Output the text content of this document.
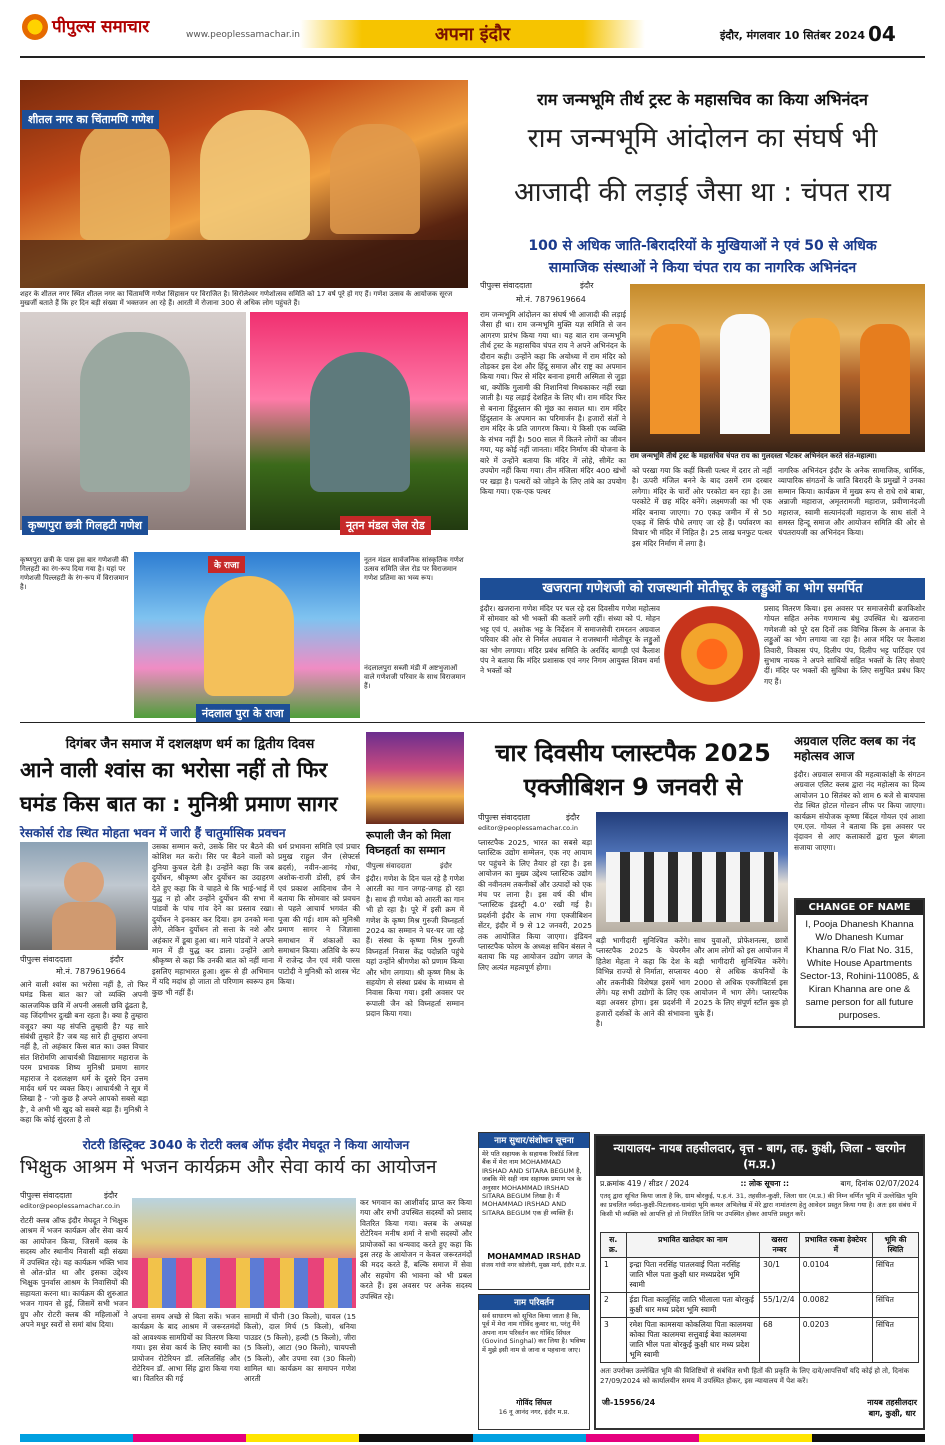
पीपुल्स समाचार	www.peoplessamachar.in	अपना इंदौर	इंदौर, मंगलवार 10 सितंबर 2024 04
शीतल नगर का चिंतामणि गणेश
शहर के शीतल नगर स्थित शीतल नगर का चिंतामणि गणेश सिंहासन पर विराजित है। सिरोलेश्वर गणेशोत्सव समिति को 17 वर्ष पूरे हो गए हैं। गणेश उत्सव के आयोजक सूरज मुखर्जी बताते हैं कि हर दिन बड़ी संख्या में भक्तजन आ रहे हैं। आरती में रोजाना 300 से अधिक लोग पहुंचते हैं।
कृष्णपुरा छत्री गिलहटी गणेश	नूतन मंडल जेल रोड
कृष्णपुरा छत्री के पास इस बार गणेशजी की गिलहटी का रंग-रूप दिया गया है। यहां पर गणेशजी पिल्लहटी के रंग-रूप में विराजमान है।
के राजा
नंदलाल पुरा के राजा
नूतन मंडल सार्वजनिक सांस्कृतिक गणेश उत्सव समिति जेल रोड पर विराजमान गणेश प्रतिमा का भव्य रूप।
नंदलालपुरा सब्जी मंडी में अष्टभुजाओं वाले गणेशजी परिवार के साथ विराजमान हैं।
राम जन्मभूमि तीर्थ ट्रस्ट के महासचिव का किया अभिनंदन
राम जन्मभूमि आंदोलन का संघर्ष भी
आजादी की लड़ाई जैसा था : चंपत राय
100 से अधिक जाति-बिरादरियों के मुखियाओं ने एवं 50 से अधिक
सामाजिक संस्थाओं ने किया चंपत राय का नागरिक अभिनंदन
पीपुल्स संवाददाता	इंदौर
मो.नं. 7879619664
राम जन्मभूमि तीर्थ ट्रस्ट के महासचिव चंपत राय का गुलदस्ता भेंटकर अभिनंदन करते संत-महात्मा।
राम जन्मभूमि आंदोलन का संघर्ष भी आजादी की लड़ाई जैसा ही था। राम जन्मभूमि मुक्ति यज्ञ समिति से जन आगरण प्रारंभ किया गया था। यह बात राम जन्मभूमि तीर्थ ट्रस्ट के महासचिव चंपत राय ने अपने अभिनंदन के दौरान कही। उन्होंने कहा कि अयोध्या में राम मंदिर को तोड़कर इस देश और हिंदू समाज और राष्ट्र का अपमान किया गया। फिर से मंदिर बनाना हमारी अस्मिता से जुड़ा था, क्योंकि गुलामी की निशानियां मिथकाकर नहीं रखा जाती है। यह लड़ाई देशहित के लिए थी। राम मंदिर फिर से बनाना हिंदुस्तान की मूंछ का सवाल था। राम मंदिर हिंदुस्तान के अपमान का परिमार्जन है। हजारों संतों ने राम मंदिर के प्रति जागरण किया। ये किसी एक व्यक्ति के संभव नहीं है। 500 साल में कितने लोगों का जीवन गया, यह कोई नहीं जानता। मंदिर निर्माण की योजना के बारे में उन्होंने बताया कि मंदिर में लोहे, सीमेंट का उपयोग नहीं किया गया। तीन मंजिला मंदिर 400 खंभों पर खड़ा है। पत्थरों को जोड़ने के लिए तांबे का उपयोग किया गया। एक-एक पत्थर
को परखा गया कि कहीं किसी पत्थर में दरार तो नहीं है। ऊपरी मंजिल बनने के बाद उसमें राम दरबार लगेगा। मंदिर के चारों ओर परकोटा बन रहा है। उस परकोटे में छह मंदिर बनेंगे। लक्ष्मणजी का भी एक मंदिर बनाया जाएगा। 70 एकड़ जमीन में से 50 एकड़ में सिर्फ पौधे लगाए जा रहे हैं। पर्यावरण का विचार भी मंदिर में निहित है। 25 लाख घनफुट पत्थर इस मंदिर निर्माण में लगा है।
नागरिक अभिनंदन इंदौर के अनेक सामाजिक, धार्मिक, व्यापारिक संगठनों के जाति बिरादरी के प्रमुखों ने उनका सम्मान किया। कार्यक्रम में मुख्य रूप से राधे राधे बाबा, अन्नाजी महाराज, अमृतरामजी महाराज, प्रवीणानंदजी महाराज, स्वामी सत्यानंदजी महाराज के साथ संतों ने समस्त हिन्दू समाज और आयोजन समिति की ओर से चंपतरायजी का अभिनंदन किया।
खजराना गणेशजी को राजस्थानी मोतीचूर के लड्डुओं का भोग समर्पित
इंदौर। खजराना गणेश मंदिर पर चल रहे दस दिवसीय गणेश महोत्सव में सोमवार को भी भक्तों की कतारें लगी रहीं। संध्या को पं. मोहन भट्ट एवं पं. अशोक भट्ट के निर्देशन में समाजसेवी रामरतन अग्रवाल परिवार की ओर से निर्मल अग्रवाल ने राजस्थानी मोतीचूर के लड्डुओं का भोग लगाया। मंदिर प्रबंध समिति के अरविंद बागड़ी एवं कैलाश पंप ने बताया कि मंदिर प्रशासक एवं नगर निगम आयुक्त शिवम वर्मा ने भक्तों को
प्रसाद वितरण किया। इस अवसर पर समाजसेवी ब्रजकिशोर गोयल सहित अनेक गणमान्य बंधु उपस्थित थे। खजराना गणेशजी को पूरे दस दिनों तक विभिन्न किस्म के अनाज के लड्डुओं का भोग लगाया जा रहा है। आज मंदिर पर कैलाश तिवारी, विकास पंप, दिलीप पंप, दिलीप भट्ट पार्टिदार एवं सुभाष नायक ने अपने साथियों सहित भक्तों के लिए सेवाएं दीं। मंदिर पर भक्तों की सुविधा के लिए समुचित प्रबंध किए गए हैं।
दिगंबर जैन समाज में दशलक्षण धर्म का द्वितीय दिवस
आने वाली श्वांस का भरोसा नहीं तो फिर
घमंड किस बात का : मुनिश्री प्रमाण सागर
रेसकोर्स रोड स्थित मोहता भवन में जारी हैं चातुर्मासिक प्रवचन
पीपुल्स संवाददाता	इंदौर
मो.नं. 7879619664
आने वाली श्वांस का भरोसा नहीं है, तो फिर घमंड किस बात का? जो व्यक्ति अपनी कालजयिक छवि में अपनी असली छवि ढूंढता है, वह जिंदगीभर दुःखी बना रहता है। क्या है तुम्हारा वजूद? क्या यह संपत्ति तुम्हारी है? यह सारे संबंधी तुम्हारे हैं? जब यह सारे ही तुम्हारा अपना नहीं है, तो अहंकार किस बात का। उक्त विचार संत शिरोमणि आचार्यश्री विद्यासागर महाराज के परम प्रभावक शिष्य मुनिश्री प्रमाण सागर महाराज ने दशलक्षण धर्म के दूसरे दिन उत्तम मार्दव धर्म पर व्यक्त किए। आचार्यश्री ने सूत्र में लिखा है - 'जो कुछ है अपने आपको सबसे बड़ा है', वे अभी भी खुद को सबसे बड़ा हैं। मुनिश्री ने कहा कि कोई सुंदरता है तो
उसका सम्मान करो, उसके सिर पर बैठने की कोशिश मत करो। सिर पर बैठने वालों को दुनिया कुचल देती है। उन्होंने कहा कि जब दुर्योधन, श्रीकृष्ण और दुर्योधन का उदाहरण देते हुए कहा कि वे चाहते थे कि भाई-भाई में युद्ध न हो और उन्होंने दुर्योधन की सभा में पांडवों के पांच गांव देने का प्रस्ताव रखा। दुर्योधन ने इनकार कर दिया। हम उनको मना लेंगे, लेकिन दुर्योधन तो सत्ता के नशे और अहंकार में डूबा हुआ था। माने पांडवों ने अपने मान में ही युद्ध कर डाला। उन्होंने आगे श्रीकृष्ण से कहा कि उनकी बात को नहीं माना इसलिए महाभारत हुआ। शुरू से ही अभिमान में यदि मदांध हो जाता तो परिणाम स्वरूप हम कुछ भी नहीं हैं।
धर्म प्रभावना समिति एवं प्रचार प्रमुख राहुल जैन (सेफ्टर्स ब्रदर्स), नवीन-आनंद गोधा, अशोक-राजी डोसी, हर्ष जैन एवं प्रकाश आदिनाथ जैन ने बताया कि सोमवार को प्रवचन से पहले आचार्य भगवंत की पूजा की गई। शाम को मुनिश्री प्रमाण सागर ने जिज्ञासा समाधान में शंकाओं का समाधान किया। अतिथि के रूप में राजेन्द्र जैन एवं मंत्री पारस पाटोदी ने मुनिश्री को शास्त्र भेंट किया।
रूपाली जैन को मिला विघ्नहर्ता का सम्मान
पीपुल्स संवाददाता	इंदौर
इंदौर। गणेश के दिन चल रहे है गणेश आरती का गान जगह-जगह हो रहा है। साथ ही गणेश को आरती का गान भी हो रहा है। पूरे में इसी क्रम में गणेश के कृष्ण मिश्र गुरुजी विघ्नहर्ता 2024 का सम्मान ने घर-घर जा रहे हैं। संस्था के कृष्णा मिश्र गुरुजी विघ्नहर्ता निवास केंद्र पदोन्नति पहुंचे यहां उन्होंने श्रीगणेश को प्रणाम किया और भोग लगाया। श्री कृष्ण मिश्र के सहयोग से संस्था प्रबंध के माध्यम से निवास किया गया। इसी अवसर पर रूपाली जैन को विघ्नहर्ता सम्मान प्रदान किया गया।
चार दिवसीय प्लास्टपैक 2025
एक्जीबिशन 9 जनवरी से
पीपुल्स संवाददाता	इंदौर
editor@peoplessamachar.co.in
प्लास्टपैक 2025, भारत का सबसे बड़ा प्लास्टिक उद्योग सम्मेलन, एक नए आयाम पर पहुंचने के लिए तैयार हो रहा है। इस आयोजन का मुख्य उद्देश्य प्लास्टिक उद्योग की नवीनतम तकनीकों और उत्पादों को एक मंच पर लाना है। इस वर्ष की थीम 'प्लास्टिक इंडस्ट्री 4.0' रखी गई है। प्रदर्शनी इंदौर के लाभ गंगा एक्जीबिशन सेंटर, इंदौर में 9 से 12 जनवरी, 2025 तक आयोजित किया जाएगा। इंडियन प्लास्टपैक फोरम के अध्यक्ष सचिन बंसल ने बताया कि यह आयोजन उद्योग जगत के लिए अत्यंत महत्वपूर्ण होगा।
बड़ी भागीदारी सुनिश्चित करेंगे। प्लास्टपैक 2025 के चेयरमैन हितेश मेहता ने कहा कि देश के विभिन्न राज्यों से निर्माता, सप्लायर और तकनीकी विशेषज्ञ इसमें भाग लेंगे। यह सभी उद्योगों के लिए एक बड़ा अवसर होगा। इस प्रदर्शनी में हजारों दर्शकों के आने की संभावना है।
साथ युवाओं, प्रोफेशनल्स, छात्रों और आम लोगों को इस आयोजन में बड़ी भागीदारी सुनिश्चित करेंगे। 400 से अधिक कंपनियों के 2000 से अधिक एक्जीबिटर्स इस आयोजन में भाग लेंगे। प्लास्टपैक 2025 के लिए संपूर्ण स्टॉल बुक हो चुके हैं।
अग्रवाल एलिट क्लब का नंद महोत्सव आज
इंदौर। अग्रवाल समाज की महत्वाकांक्षी के संगठन अग्रवाल एलिट क्लब द्वारा नंद महोत्सव का दिव्य आयोजन 10 सितंबर को शाम 6 बजे से बायपास रोड स्थित होटल गोल्डन लीफ पर किया जाएगा। कार्यक्रम संयोजक कृष्णा बिंदल गोयल एवं आशा एम.एल. गोयल ने बताया कि इस अवसर पर वृंदावन से आए कलाकारों द्वारा फूल बंगला सजाया जाएगा।
CHANGE OF NAME
I, Pooja Dhanesh Khanna W/o Dhanesh Kumar Khanna R/o Flat No. 315, White House Apartments Sector-13, Rohini-110085, & Kiran Khanna are one & same person for all future purposes.
रोटरी डिस्ट्रिक्ट 3040 के रोटरी क्लब ऑफ इंदौर मेघदूत ने किया आयोजन
भिक्षुक आश्रम में भजन कार्यक्रम और सेवा कार्य का आयोजन
पीपुल्स संवाददाता	इंदौर
editor@peoplessamachar.co.in
रोटरी क्लब ऑफ इंदौर मेघदूत ने भिक्षुक आश्रम में भजन कार्यक्रम और सेवा कार्य का आयोजन किया, जिसमें क्लब के सदस्य और स्थानीय निवासी बड़ी संख्या में उपस्थित रहे। यह कार्यक्रम भक्ति भाव से ओत-प्रोत था और इसका उद्देश्य भिक्षुक पुनर्वास आश्रम के निवासियों की सहायता करना था। कार्यक्रम की शुरुआत भजन गायन से हुई, जिसमें सभी भजन ग्रुप और रोटरी क्लब की महिलाओं ने अपने मधुर स्वरों से समां बांध दिया।
अपना समय अच्छे से बिता सकें। भजन कार्यक्रम के बाद आश्रम में जरूरतमंदों को आवश्यक सामग्रियों का वितरण किया गया। इस सेवा कार्य के लिए स्वामी का प्रायोजन रोटेरियन डॉ. ललितसिंह और रोटेरियन डॉ. आभा सिंह द्वारा किया गया था। वितरित की गई
सामग्री में चीनी (30 किलो), चावल (15 किलो), दाल मिर्च (5 किलो), धनिया पाउडर (5 किलो), हल्दी (5 किलो), जीरा (5 किलो), आटा (90 किलो), चायपत्ती (5 किलो), और उपमा रवा (30 किलो) शामिल था। कार्यक्रम का समापन गणेश आरती
कर भगवान का आशीर्वाद प्राप्त कर किया गया और सभी उपस्थित सदस्यों को प्रसाद वितरित किया गया। क्लब के अध्यक्ष रोटेरियन मनीष शर्मा ने सभी सदस्यों और प्रायोजकों का धन्यवाद करते हुए कहा कि इस तरह के आयोजन न केवल जरूरतमंदों की मदद करते हैं, बल्कि समाज में सेवा और सहयोग की भावना को भी प्रबल करते हैं। इस अवसर पर अनेक सदस्य उपस्थित रहे।
नाम सुधार/संशोधन सूचना
मेरे पति सहायक के सहायक रिकॉर्ड जिला बैंक में मेरा नाम MOHAMMAD IRSHAD AND SITARA BEGUM है, जबकि मेरे सही नाम सहायक प्रमाण पत्र के अनुसार MOHAMMAD IRSHAD SITARA BEGUM लिखा है। मैं MOHAMMAD IRSHAD AND SITARA BEGUM एक ही व्यक्ति हैं।
MOHAMMAD IRSHAD
संजय गांधी नगर कोलोनी, मुख्य मार्ग, इंदौर म.प्र.
नाम परिवर्तन
सर्व साधारण को सूचित किया जाता है कि, पूर्व में मेरा नाम गोविंद कुमार था, परंतु मैंने अपना नाम परिवर्तन कर गोविंद सिंघल (Govind Singhal) कर लिया है। भविष्य में मुझे इसी नाम से जाना व पहचाना जाए।
गोविंद सिंघल
16 नू आनंद नगर, इंदौर म.प्र.
न्यायालय- नायब तहसीलदार, वृत्त - बाग, तह. कुक्षी, जिला - खरगोन (म.प्र.)
प्र.क्रमांक 419 / सीडर / 2024	:: लोक सूचना ::	बाग, दिनांक 02/07/2024
एतद् द्वारा सूचित किया जाता है कि, ग्राम बोरकुई, प.ह.नं. 31, तहसील-कुक्षी, जिला धार (म.प्र.) की निम्न वर्णित भूमि में उल्लेखित भूमि का प्रचलित नर्मदा-कुक्षी-पिटलावद-धामंदा भूमि कमल अभिलेख में मेरे द्वारा नामांतरण हेतु आवेदन प्रस्तुत किया गया है। अतः इस संबंध में किसी भी व्यक्ति को आपत्ति हो तो निर्धारित तिथि पर उपस्थित होकर आपत्ति प्रस्तुत करें।
स. क्र.	प्रभावित खातेदार का नाम	खसरा नम्बर	प्रभावित रकबा हेक्टेयर में	भूमि की स्थिति
1	इन्द्रा पिता नरसिंह पातलवाई पिता नरसिंह जाति भील पता कुक्षी धार मध्यप्रदेश भूमि स्वामी	30/1	0.0104	सिंचित
2	ईडा पिता कालूसिंह जाति भीलाला पता बोरकुई कुक्षी धार मध्य प्रदेश भूमि स्वामी	55/1/2/4	0.0082	सिंचित
3	रमेश पिता कामसया कोकलिया पिता कालमया कोका पिता कालमया सत्तुवाई बेवा कालमया जाति भील पता बोरकुई कुक्षी धार मध्य प्रदेश भूमि स्वामी	68	0.0203	सिंचित
अतः उपरोक्त उल्लेखित भूमि की विशिष्टियों से संबंधित सभी हितों की प्रकृति के लिए दावे/आपत्तियाँ यदि कोई हो तो, दिनांक 27/09/2024 को कार्यालयीन समय में उपस्थित होकर, इस न्यायालय में पेश करें।
जी-15956/24	नायब तहसीलदार
बाग, कुक्षी, धार
